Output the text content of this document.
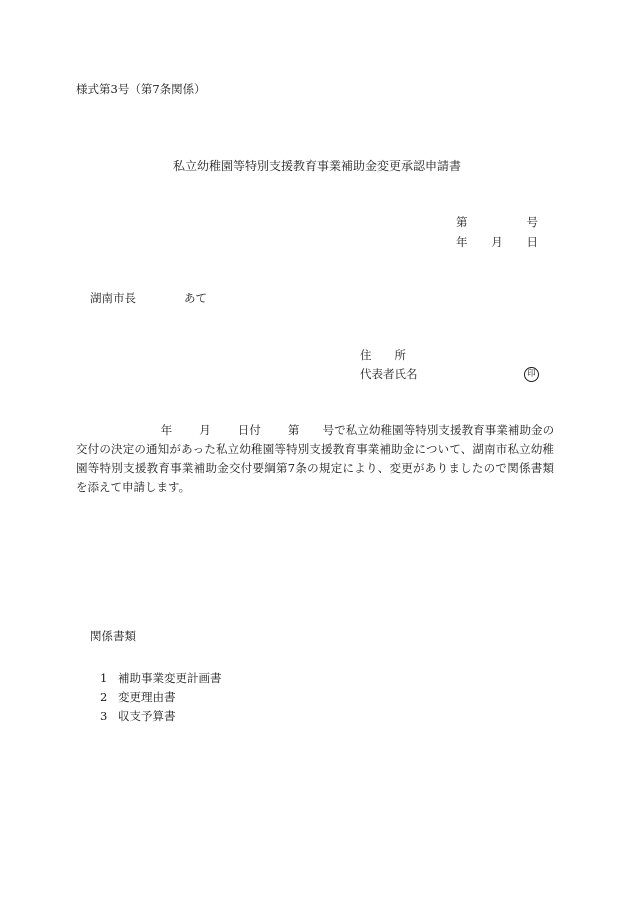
様式第3号（第7条関係）
私立幼稚園等特別支援教育事業補助金変更承認申請書
第	号
年 月 日
湖南市長	あて
住　　所
代表者氏名	印
　　　　　　　 年　　 月　　 日付　　 第　　 号で私立幼稚園等特別支援教育事業補助金の交付の決定の通知があった私立幼稚園等特別支援教育事業補助金について、湖南市私立幼稚園等特別支援教育事業補助金交付要綱第7条の規定により、変更がありましたので関係書類を添えて申請します。
関係書類
1 補助事業変更計画書
2 変更理由書
3 収支予算書
